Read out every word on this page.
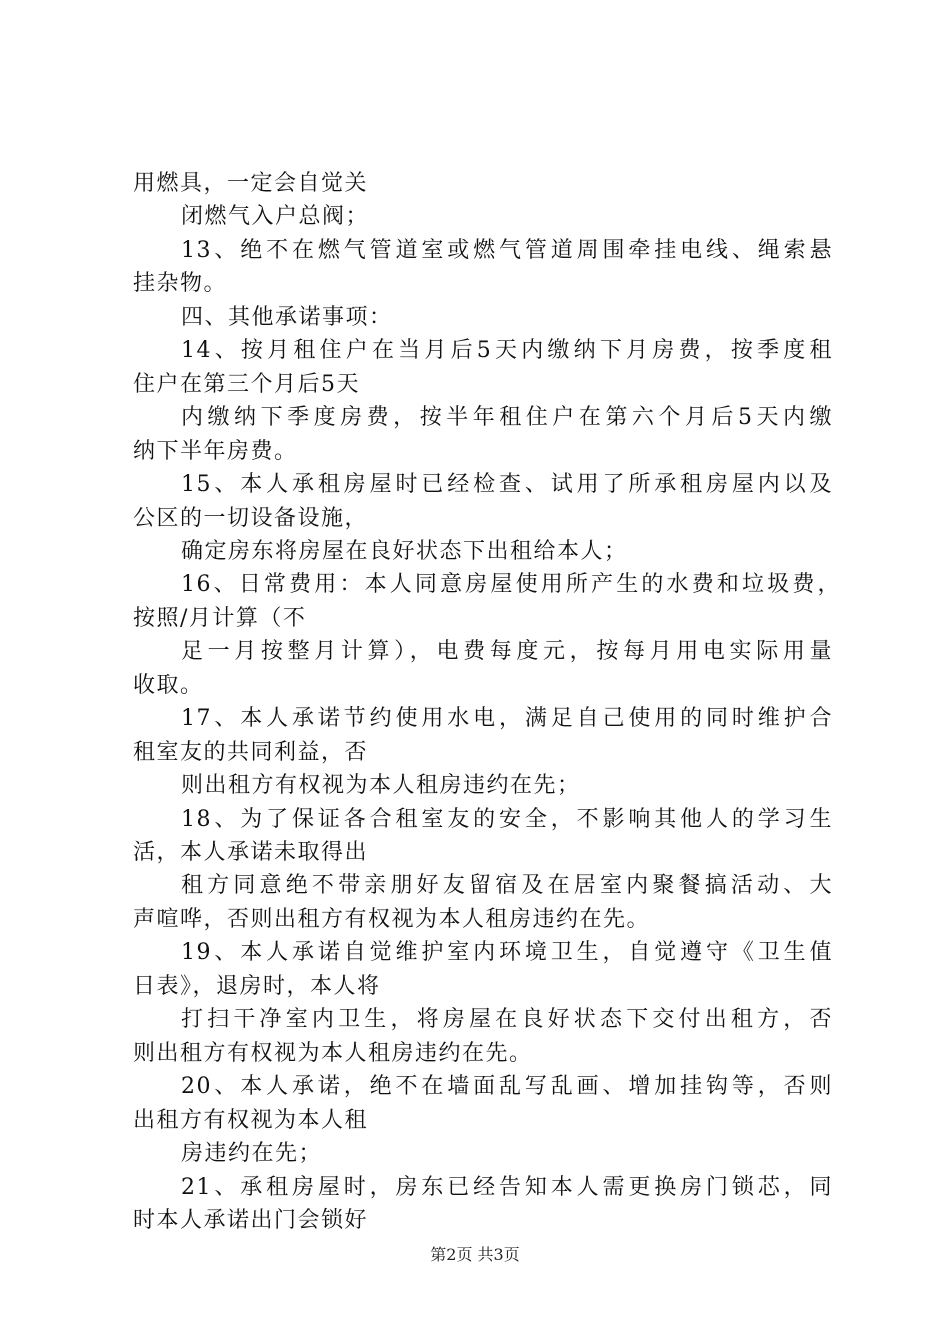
用燃具，一定会自觉关
闭燃气入户总阀；
13、绝不在燃气管道室或燃气管道周围牵挂电线、绳索悬
挂杂物。
四、其他承诺事项：
14、按月租住户在当月后5天内缴纳下月房费，按季度租
住户在第三个月后5天
内缴纳下季度房费，按半年租住户在第六个月后5天内缴
纳下半年房费。
15、本人承租房屋时已经检查、试用了所承租房屋内以及
公区的一切设备设施，
确定房东将房屋在良好状态下出租给本人；
16、日常费用：本人同意房屋使用所产生的水费和垃圾费，
按照/月计算（不
足一月按整月计算），电费每度元，按每月用电实际用量
收取。
17、本人承诺节约使用水电，满足自己使用的同时维护合
租室友的共同利益，否
则出租方有权视为本人租房违约在先；
18、为了保证各合租室友的安全，不影响其他人的学习生
活，本人承诺未取得出
租方同意绝不带亲朋好友留宿及在居室内聚餐搞活动、大
声喧哗，否则出租方有权视为本人租房违约在先。
19、本人承诺自觉维护室内环境卫生，自觉遵守《卫生值
日表》，退房时，本人将
打扫干净室内卫生，将房屋在良好状态下交付出租方，否
则出租方有权视为本人租房违约在先。
20、本人承诺，绝不在墙面乱写乱画、增加挂钩等，否则
出租方有权视为本人租
房违约在先；
21、承租房屋时，房东已经告知本人需更换房门锁芯，同
时本人承诺出门会锁好
第2页 共3页
